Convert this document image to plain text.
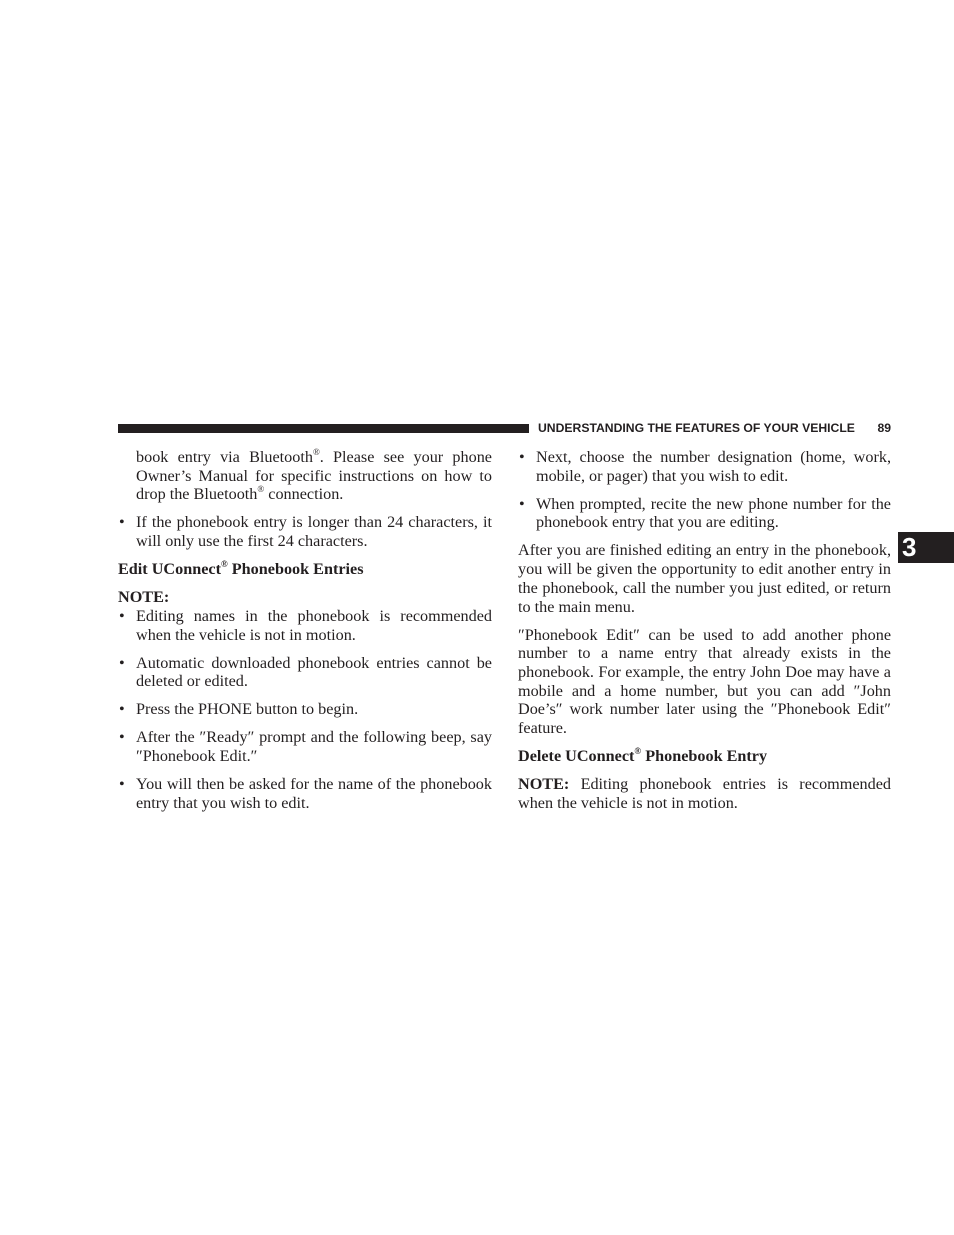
UNDERSTANDING THE FEATURES OF YOUR VEHICLE 89
3

book entry via Bluetooth®. Please see your phone Owner’s Manual for specific instructions on how to drop the Bluetooth® connection.

• If the phonebook entry is longer than 24 characters, it will only use the first 24 characters.
Edit UConnect® Phonebook Entries
NOTE:
• Editing names in the phonebook is recommended when the vehicle is not in motion.
• Automatic downloaded phonebook entries cannot be deleted or edited.
• Press the PHONE button to begin.
• After the ″Ready″ prompt and the following beep, say ″Phonebook Edit.″
• You will then be asked for the name of the phonebook entry that you wish to edit.
• Next, choose the number designation (home, work, mobile, or pager) that you wish to edit.
• When prompted, recite the new phone number for the phonebook entry that you are editing.

After you are finished editing an entry in the phonebook, you will be given the opportunity to edit another entry in the phonebook, call the number you just edited, or return to the main menu.

″Phonebook Edit″ can be used to add another phone number to a name entry that already exists in the phonebook. For example, the entry John Doe may have a mobile and a home number, but you can add ″John Doe’s″ work number later using the ″Phonebook Edit″ feature.

Delete UConnect® Phonebook Entry

NOTE: Editing phonebook entries is recommended when the vehicle is not in motion.
